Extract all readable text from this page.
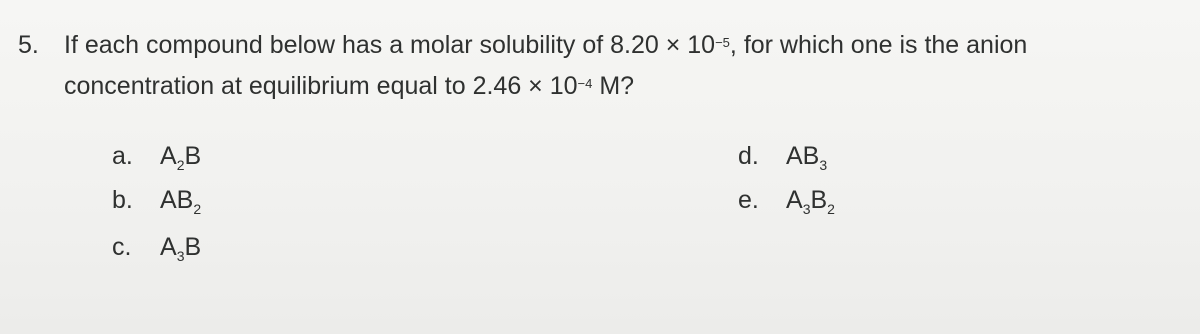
5. If each compound below has a molar solubility of $8.20 \times 10^{-5}$, for which one is the anion
concentration at equilibrium equal to $2.46 \times 10^{-4}$ M?
a. $A_2B$
b. $AB_2$
c. $A_3B$
d. $AB_3$
e. $A_3B_2$
